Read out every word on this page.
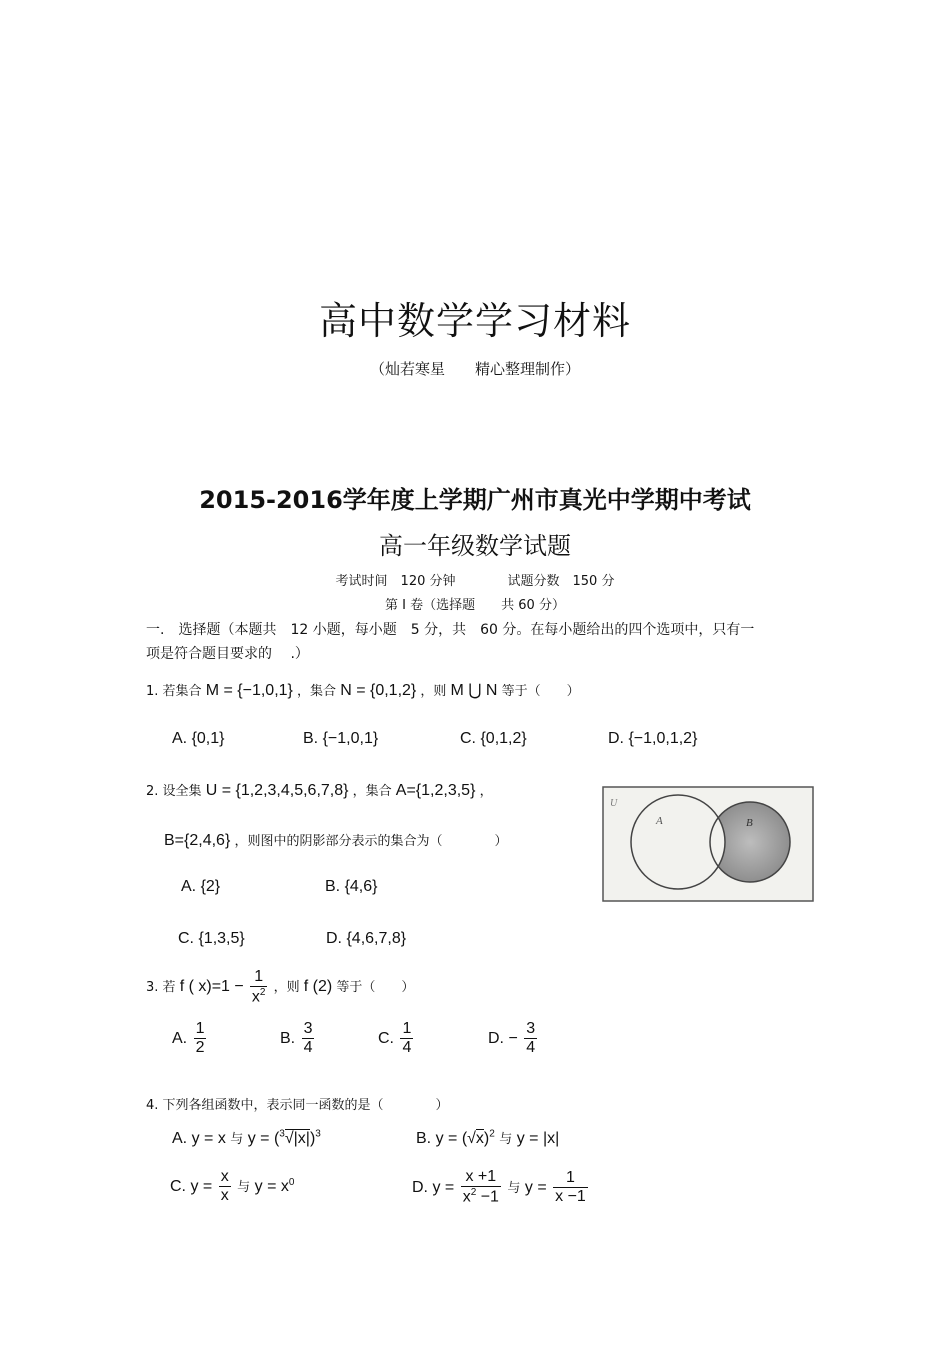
高中数学学习材料
（灿若寒星　　精心整理制作）
2015-2016学年度上学期广州市真光中学期中考试
高一年级数学试题
考试时间　120 分钟　　　　试题分数　150 分
第 Ⅰ 卷（选择题　　共 60 分）
一.　选择题（本题共　12 小题，每小题　5 分，共　60 分。在每小题给出的四个选项中，只有一
项是符合题目要求的　 .）
1. 若集合 M = {−1,0,1} ，集合 N = {0,1,2} ，则 M ⋃ N 等于（　　）
A. {0,1}	B. {−1,0,1}	C. {0,1,2}	D. {−1,0,1,2}
2. 设全集 U = {1,2,3,4,5,6,7,8} ，集合 A={1,2,3,5} ，
B={2,4,6} ，则图中的阴影部分表示的集合为（　　　　）
A. {2}	B. {4,6}
C. {1,3,5}	D. {4,6,7,8}
U
A	B
3. 若 f ( $x)=1 - \frac{1}{x^2}$ ，则 f (2) 等于（　　）
A. $\frac{1}{2}$	B. $\frac{3}{4}$	C. $\frac{1}{4}$	D. − $\frac{3}{4}$
4. 下列各组函数中，表示同一函数的是（　　　　）
A. y = x 与 $y = (^3√|x|)^3$	B. $y = (√x)^2$ 与 y = |x|
C. $y = \frac{x}{x}$ 与 $y = x^0$	D. $y = \frac{x +1}{x^2 -1}$ 与 $y = \frac{1}{x -1}$
